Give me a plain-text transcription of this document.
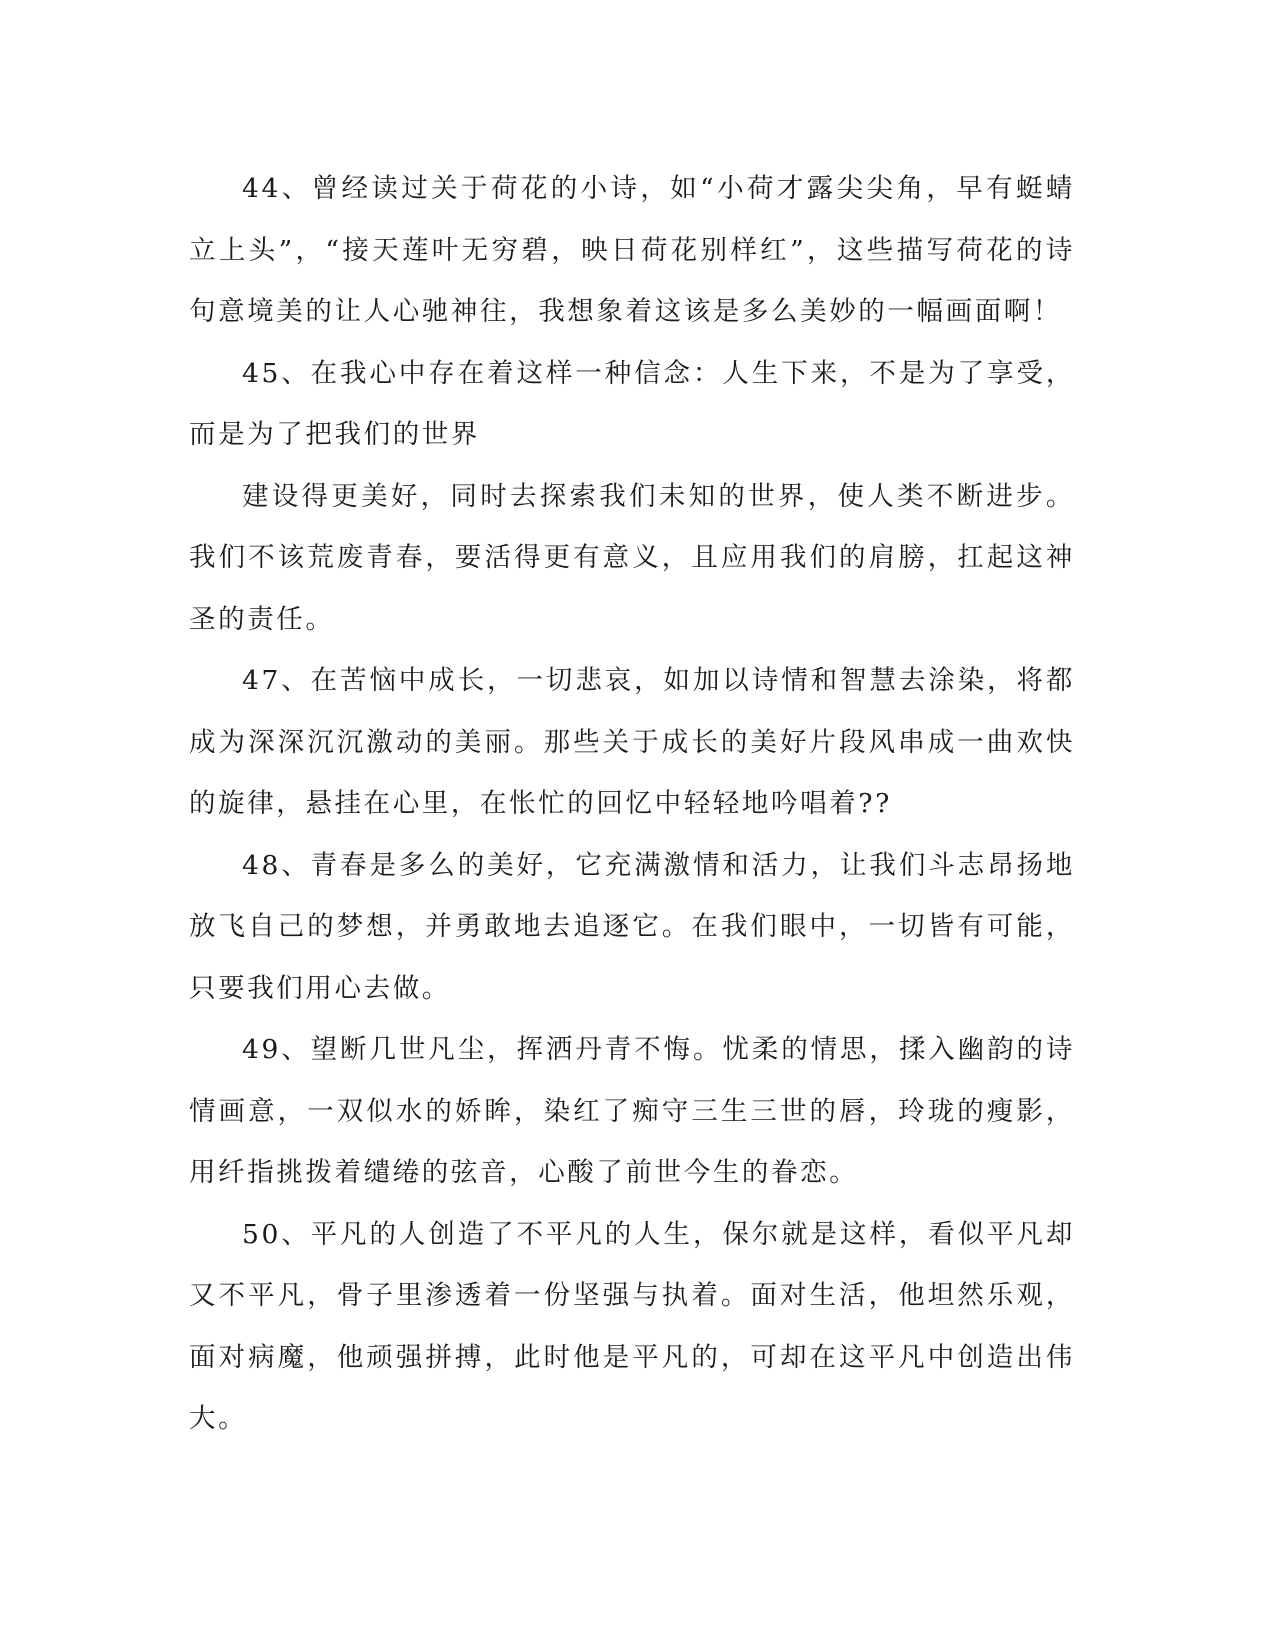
44、曾经读过关于荷花的小诗，如“小荷才露尖尖角，早有蜓蜻立上头”，“接天莲叶无穷碧，映日荷花别样红”，这些描写荷花的诗句意境美的让人心驰神往，我想象着这该是多么美妙的一幅画面啊！

45、在我心中存在着这样一种信念：人生下来，不是为了享受，而是为了把我们的世界

建设得更美好，同时去探索我们未知的世界，使人类不断进步。我们不该荒废青春，要活得更有意义，且应用我们的肩膀，扛起这神圣的责任。

47、在苦恼中成长，一切悲哀，如加以诗情和智慧去涂染，将都成为深深沉沉激动的美丽。那些关于成长的美好片段风串成一曲欢快的旋律，悬挂在心里，在怅忙的回忆中轻轻地吟唱着??

48、青春是多么的美好，它充满激情和活力，让我们斗志昂扬地放飞自己的梦想，并勇敢地去追逐它。在我们眼中，一切皆有可能，只要我们用心去做。

49、望断几世凡尘，挥洒丹青不悔。忧柔的情思，揉入幽韵的诗情画意，一双似水的娇眸，染红了痴守三生三世的唇，玲珑的瘦影，用纤指挑拨着缱绻的弦音，心酸了前世今生的眷恋。

50、平凡的人创造了不平凡的人生，保尔就是这样，看似平凡却又不平凡，骨子里渗透着一份坚强与执着。面对生活，他坦然乐观，面对病魔，他顽强拼搏，此时他是平凡的，可却在这平凡中创造出伟大。
